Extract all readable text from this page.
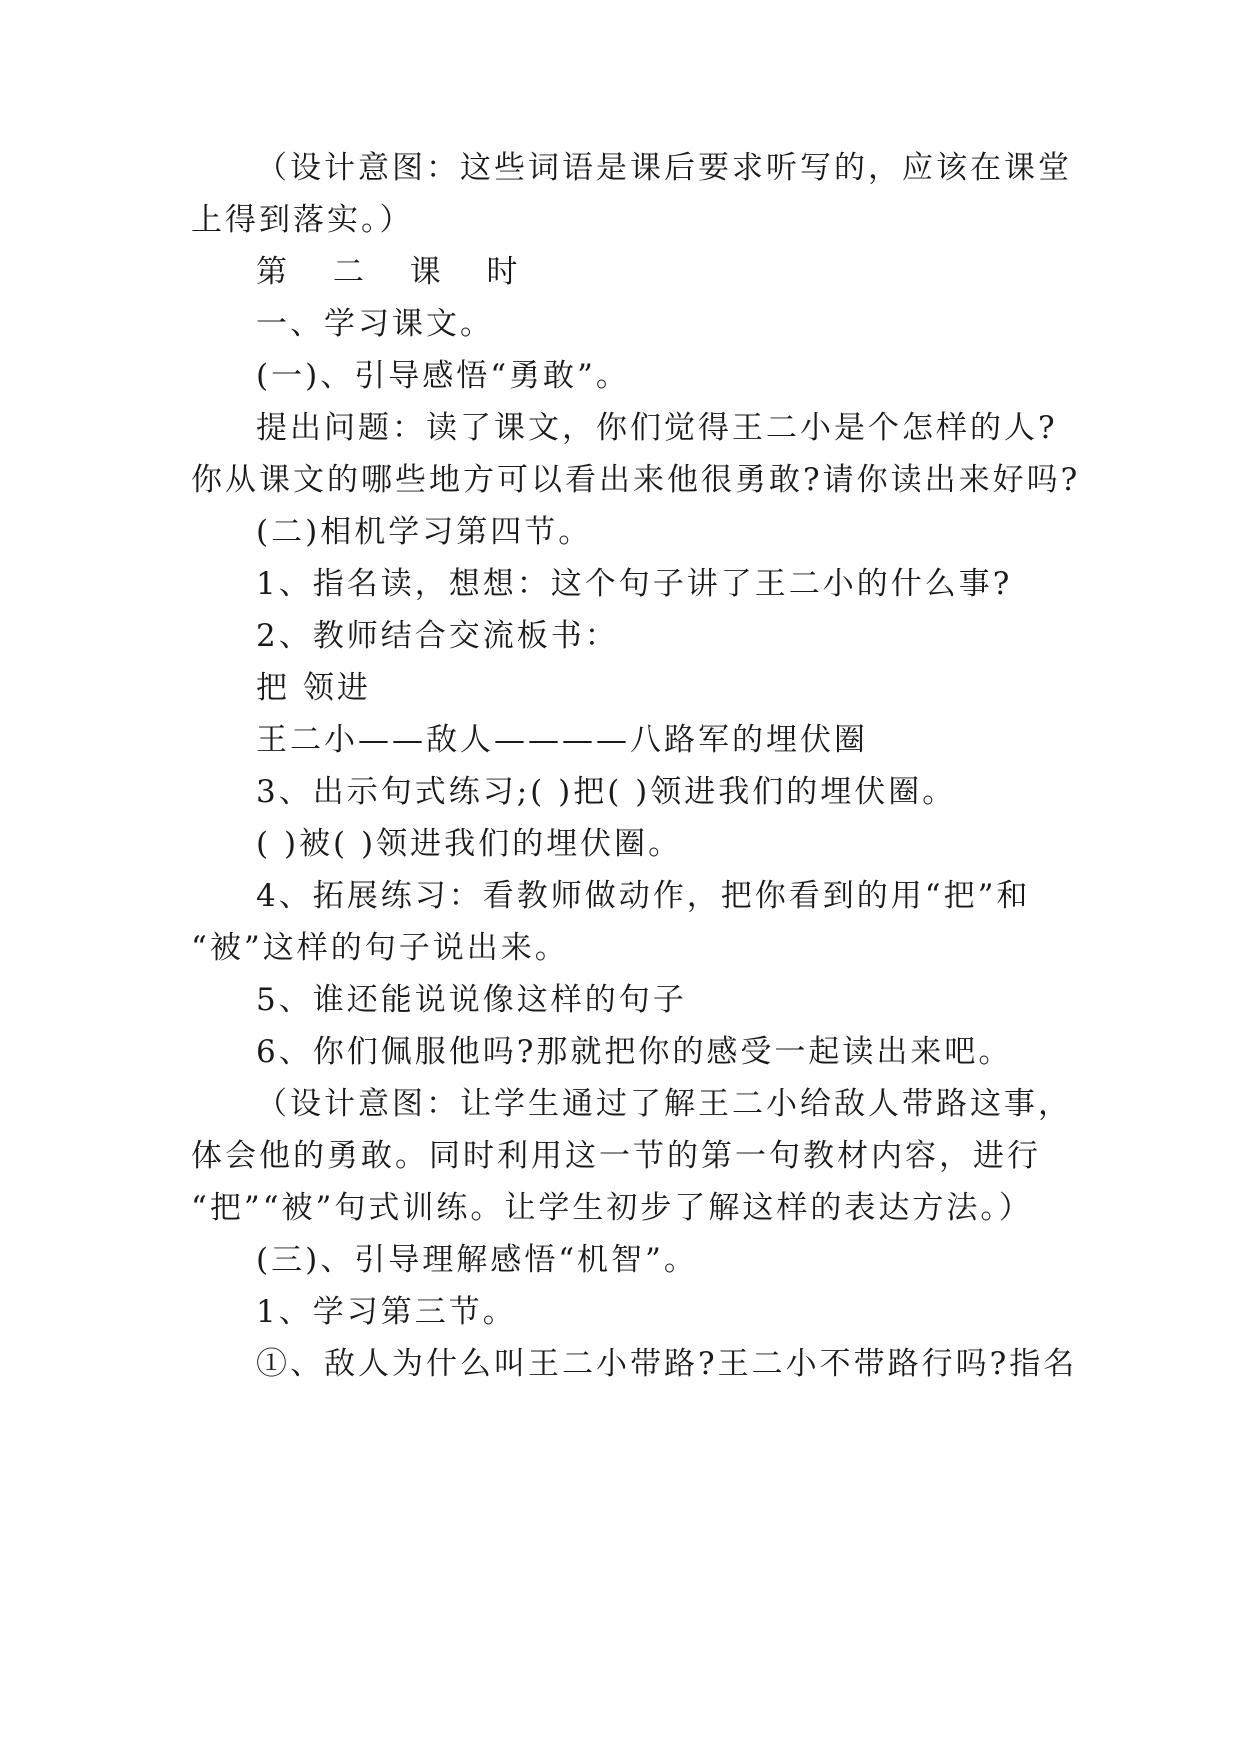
（设计意图：这些词语是课后要求听写的，应该在课堂
上得到落实。）
第 二 课 时
一、学习课文。
(一)、引导感悟“勇敢”。
提出问题：读了课文，你们觉得王二小是个怎样的人?
你从课文的哪些地方可以看出来他很勇敢?请你读出来好吗?
(二)相机学习第四节。
1、指名读，想想：这个句子讲了王二小的什么事?
2、教师结合交流板书：
把 领进
王二小——敌人————八路军的埋伏圈
3、出示句式练习;( )把( )领进我们的埋伏圈。
( )被( )领进我们的埋伏圈。
4、拓展练习：看教师做动作，把你看到的用“把”和
“被”这样的句子说出来。
5、谁还能说说像这样的句子
6、你们佩服他吗?那就把你的感受一起读出来吧。
（设计意图：让学生通过了解王二小给敌人带路这事，
体会他的勇敢。同时利用这一节的第一句教材内容，进行
“把”“被”句式训练。让学生初步了解这样的表达方法。）
(三)、引导理解感悟“机智”。
1、学习第三节。
①、敌人为什么叫王二小带路?王二小不带路行吗?指名
